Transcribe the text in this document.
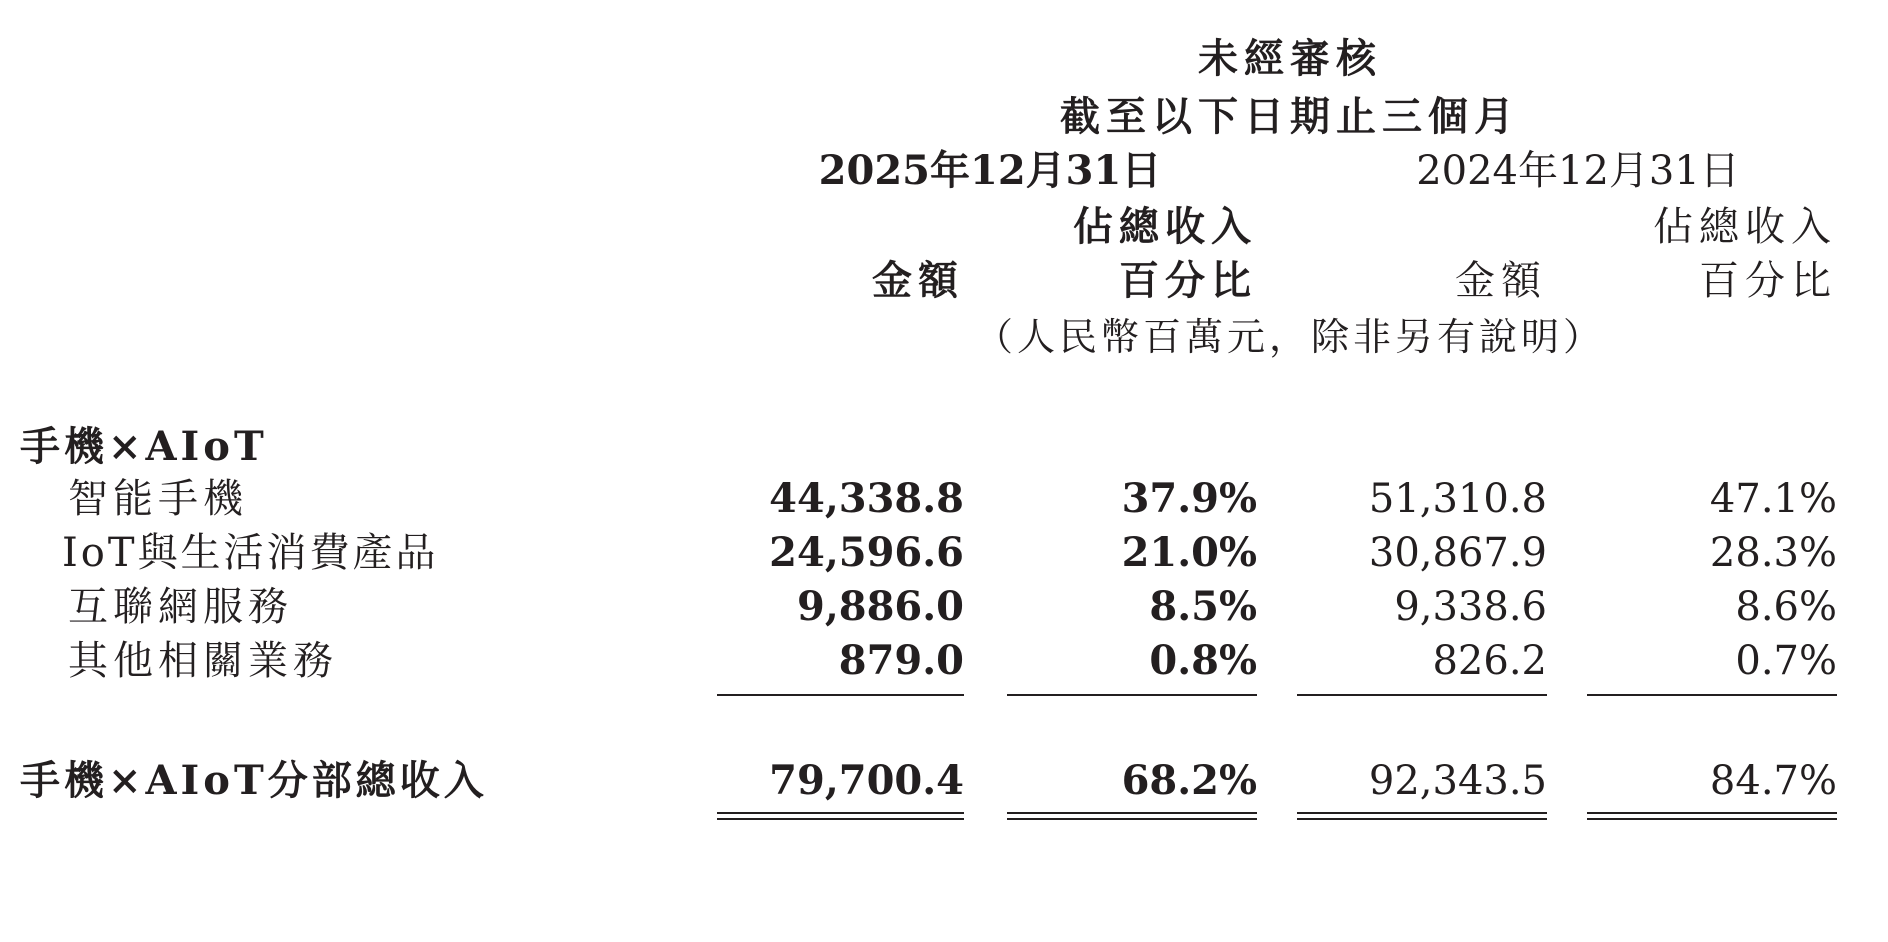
未經審核
截至以下日期止三個月
2025年12月31日	2024年12月31日
佔總收入	佔總收入
金額	百分比	金額	百分比
（人民幣百萬元，除非另有說明）
手機×AIoT
智能手機	44,338.8	37.9%	51,310.8	47.1%
IoT與生活消費產品	24,596.6	21.0%	30,867.9	28.3%
互聯網服務	9,886.0	8.5%	9,338.6	8.6%
其他相關業務	879.0	0.8%	826.2	0.7%
手機×AIoT分部總收入	79,700.4	68.2%	92,343.5	84.7%
